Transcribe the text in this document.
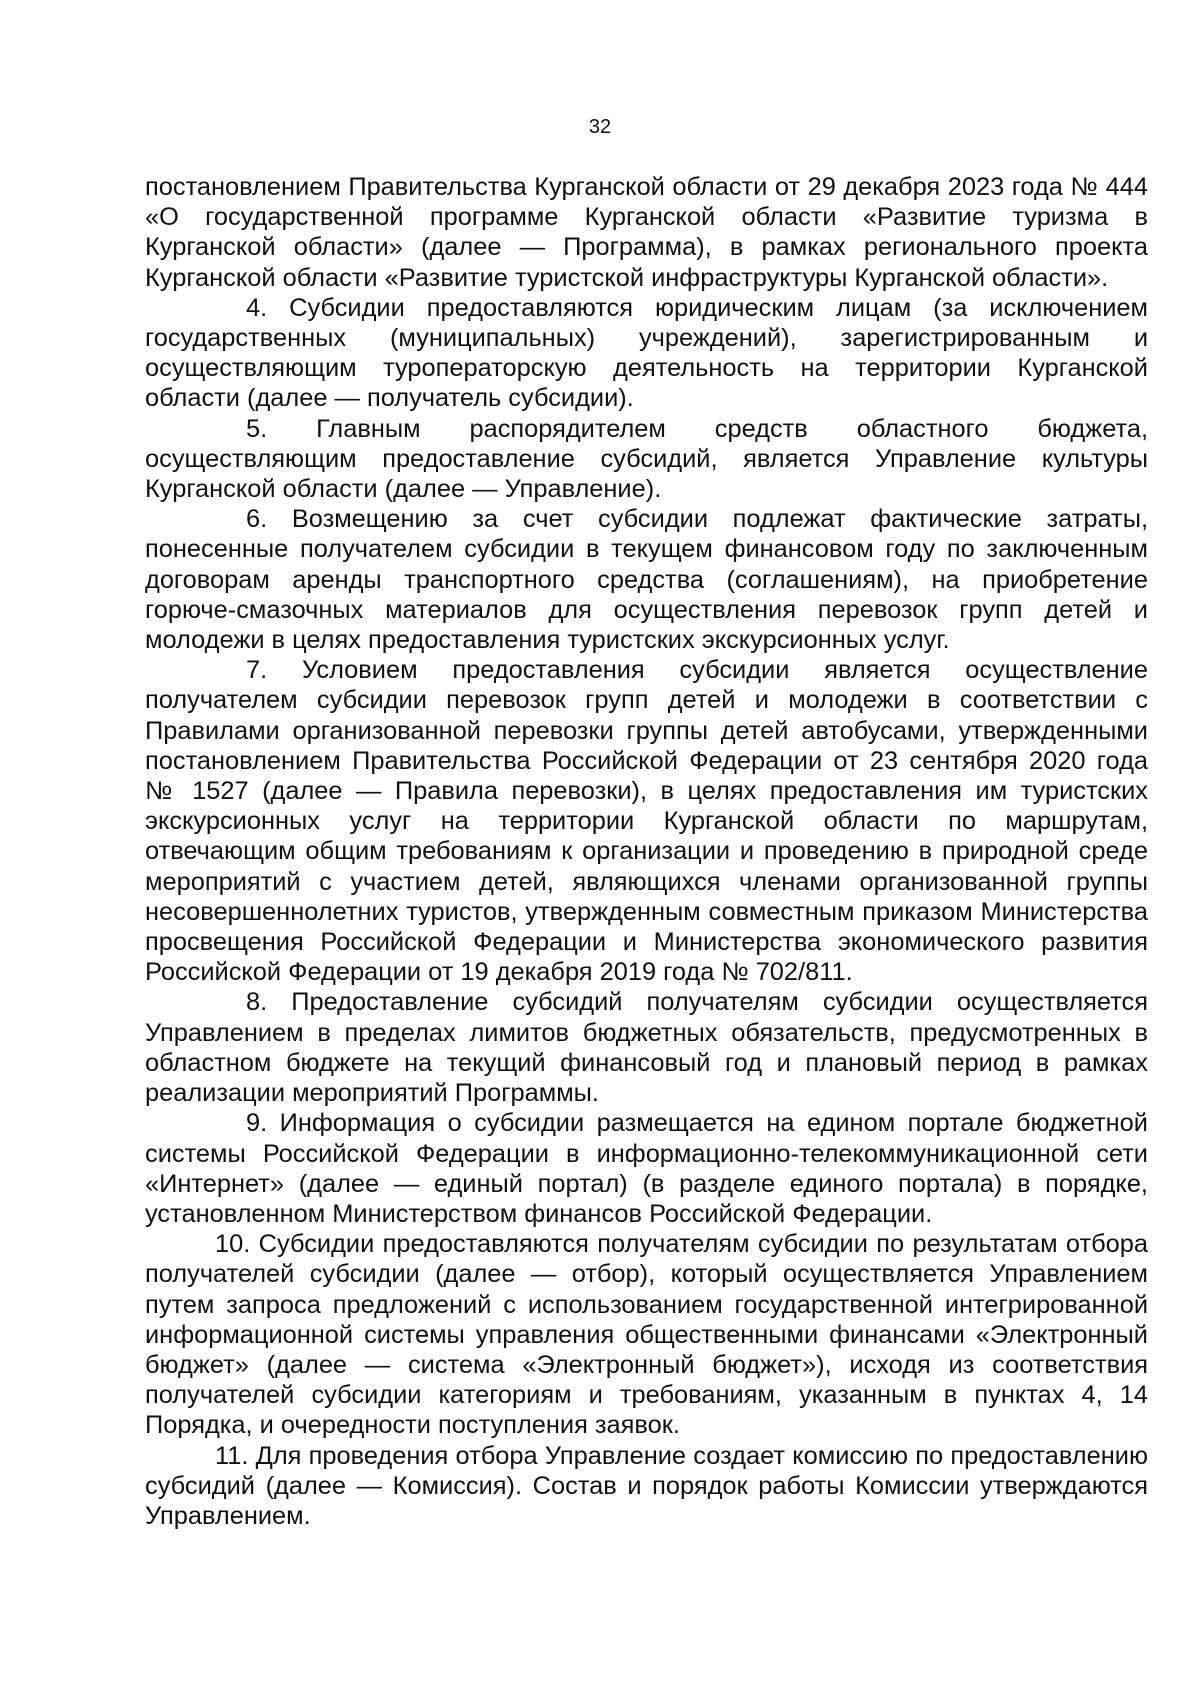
32

постановлением Правительства Курганской области от 29 декабря 2023 года № 444 «О государственной программе Курганской области «Развитие туризма в Курганской области» (далее — Программа), в рамках регионального проекта Курганской области «Развитие туристской инфраструктуры Курганской области».

4. Субсидии предоставляются юридическим лицам (за исключением государственных (муниципальных) учреждений), зарегистрированным и осуществляющим туроператорскую деятельность на территории Курганской области (далее — получатель субсидии).

5. Главным распорядителем средств областного бюджета, осуществляющим предоставление субсидий, является Управление культуры Курганской области (далее — Управление).

6. Возмещению за счет субсидии подлежат фактические затраты, понесенные получателем субсидии в текущем финансовом году по заключенным договорам аренды транспортного средства (соглашениям), на приобретение горюче-смазочных материалов для осуществления перевозок групп детей и молодежи в целях предоставления туристских экскурсионных услуг.

7. Условием предоставления субсидии является осуществление получателем субсидии перевозок групп детей и молодежи в соответствии с Правилами организованной перевозки группы детей автобусами, утвержденными постановлением Правительства Российской Федерации от 23 сентября 2020 года № 1527 (далее — Правила перевозки), в целях предоставления им туристских экскурсионных услуг на территории Курганской области по маршрутам, отвечающим общим требованиям к организации и проведению в природной среде мероприятий с участием детей, являющихся членами организованной группы несовершеннолетних туристов, утвержденным совместным приказом Министерства просвещения Российской Федерации и Министерства экономического развития Российской Федерации от 19 декабря 2019 года № 702/811.

8. Предоставление субсидий получателям субсидии осуществляется Управлением в пределах лимитов бюджетных обязательств, предусмотренных в областном бюджете на текущий финансовый год и плановый период в рамках реализации мероприятий Программы.

9. Информация о субсидии размещается на едином портале бюджетной системы Российской Федерации в информационно-телекоммуникационной сети «Интернет» (далее — единый портал) (в разделе единого портала) в порядке, установленном Министерством финансов Российской Федерации.

10. Субсидии предоставляются получателям субсидии по результатам отбора получателей субсидии (далее — отбор), который осуществляется Управлением путем запроса предложений с использованием государственной интегрированной информационной системы управления общественными финансами «Электронный бюджет» (далее — система «Электронный бюджет»), исходя из соответствия получателей субсидии категориям и требованиям, указанным в пунктах 4, 14 Порядка, и очередности поступления заявок.

11. Для проведения отбора Управление создает комиссию по предоставлению субсидий (далее — Комиссия). Состав и порядок работы Комиссии утверждаются Управлением.
